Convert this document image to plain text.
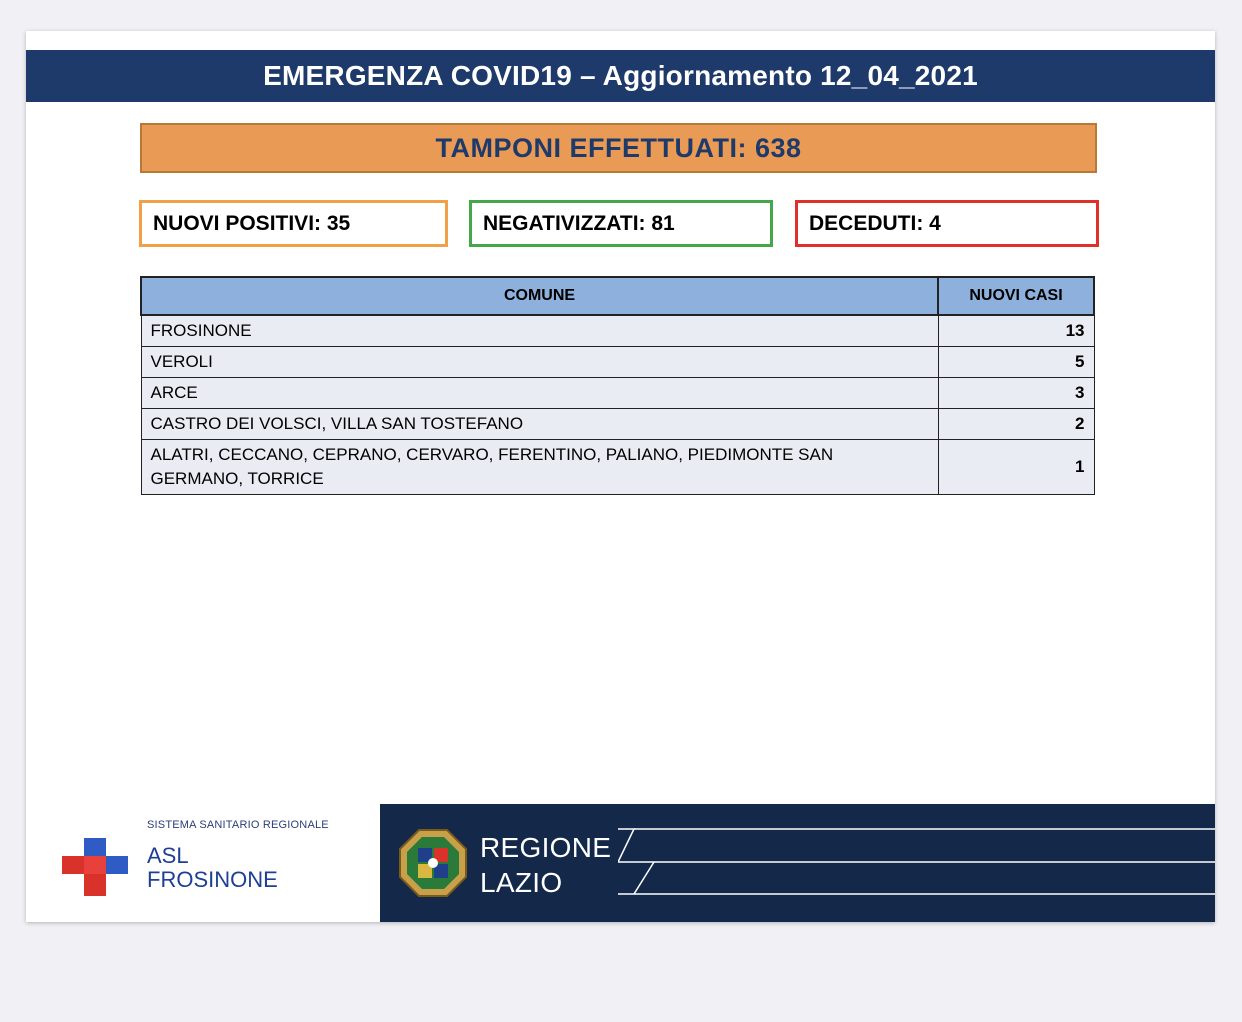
EMERGENZA COVID19 – Aggiornamento 12_04_2021
TAMPONI EFFETTUATI: 638
NUOVI POSITIVI: 35	NEGATIVIZZATI: 81	DECEDUTI: 4
COMUNE	NUOVI CASI
FROSINONE	13
VEROLI	5
ARCE	3
CASTRO DEI VOLSCI, VILLA SAN TOSTEFANO	2
ALATRI, CECCANO, CEPRANO, CERVARO, FERENTINO, PALIANO, PIEDIMONTE SAN GERMANO, TORRICE	1
SISTEMA SANITARIO REGIONALE
ASL
FROSINONE
REGIONE
LAZIO
